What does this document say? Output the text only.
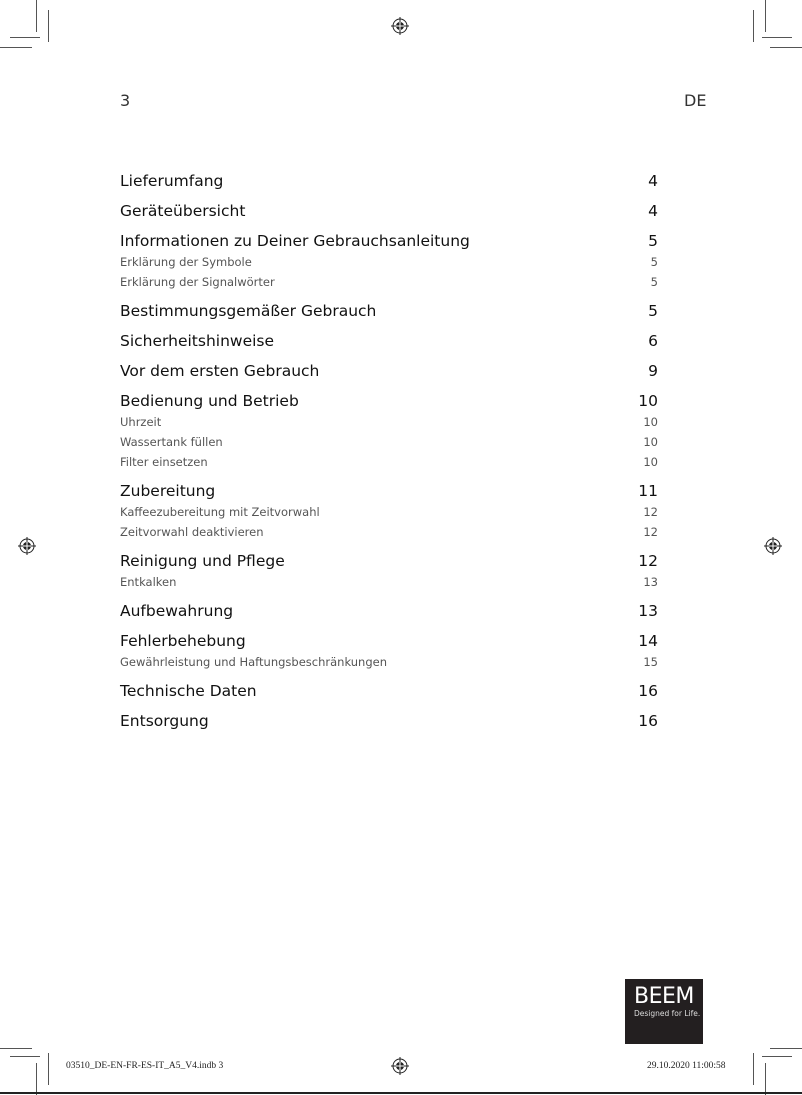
3	DE
Lieferumfang	4
Geräteübersicht	4
Informationen zu Deiner Gebrauchsanleitung	5
Erklärung der Symbole	5
Erklärung der Signalwörter	5
Bestimmungsgemäßer Gebrauch	5
Sicherheitshinweise	6
Vor dem ersten Gebrauch	9
Bedienung und Betrieb	10
Uhrzeit	10
Wassertank füllen	10
Filter einsetzen	10
Zubereitung	11
Kaffeezubereitung mit Zeitvorwahl	12
Zeitvorwahl deaktivieren	12
Reinigung und Pflege	12
Entkalken	13
Aufbewahrung	13
Fehlerbehebung	14
Gewährleistung und Haftungsbeschränkungen	15
Technische Daten	16
Entsorgung	16
BEEM
Designed for Life.
03510_DE-EN-FR-ES-IT_A5_V4.indb 3	29.10.2020 11:00:58
